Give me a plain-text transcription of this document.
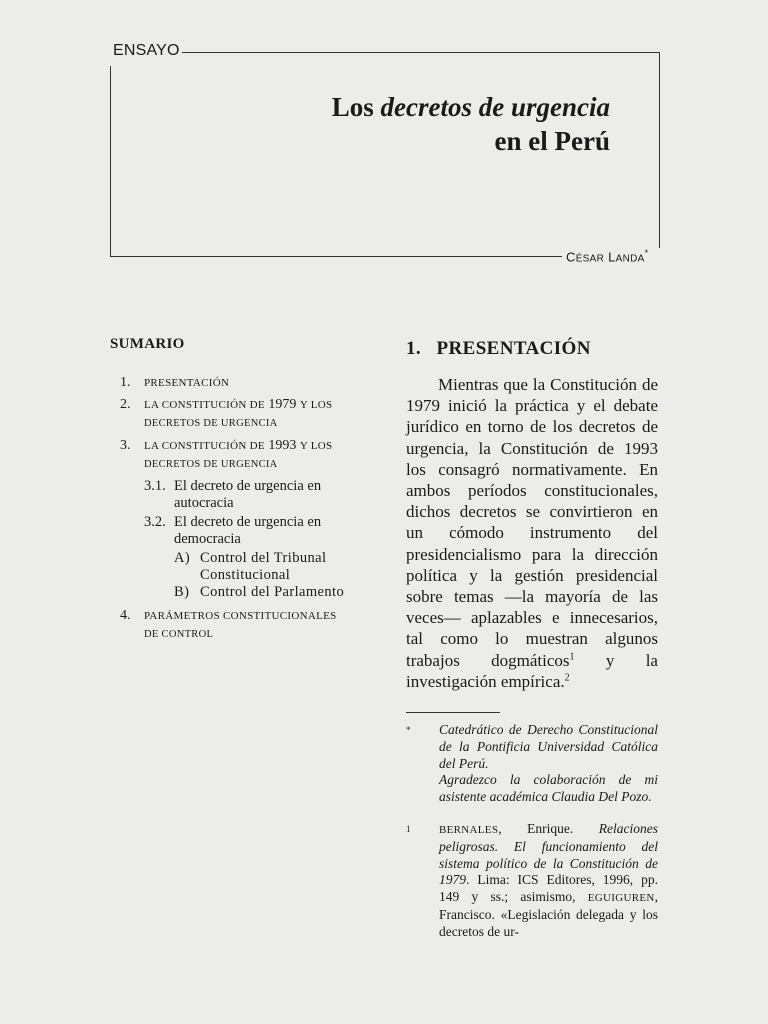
ENSAYO
Los decretos de urgencia
en el Perú
CÉSAR LANDA*
SUMARIO
1.	PRESENTACIÓN
2.	LA CONSTITUCIÓN DE 1979 Y LOS
DECRETOS DE URGENCIA
3.	LA CONSTITUCIÓN DE 1993 Y LOS
DECRETOS DE URGENCIA
3.1. El decreto de urgencia en
autocracia
3.2. El decreto de urgencia en
democracia
A) Control del Tribunal
Constitucional
B) Control del Parlamento
4.	PARÁMETROS CONSTITUCIONALES
DE CONTROL
1.   PRESENTACIÓN
Mientras que la Constitución de 1979 inició la práctica y el debate jurídico en torno de los decretos de urgencia, la Constitución de 1993 los consagró normativamente. En ambos períodos constitucionales, dichos decretos se convirtieron en un cómodo instrumento del presidencialismo para la dirección política y la gestión presidencial sobre temas —la mayoría de las veces— aplazables e innecesarios, tal como lo muestran algunos trabajos dogmáticos$^1$ y la investigación empírica.$^2$
* Catedrático de Derecho Constitucional de la Pontificia Universidad Católica del Perú.
Agradezco la colaboración de mi asistente académica Claudia Del Pozo.
1	BERNALES, Enrique. Relaciones peligrosas. El funcionamiento del sistema político de la Constitución de 1979. Lima: ICS Editores, 1996, pp. 149 y ss.; asimismo, EGUIGUREN, Francisco. «Legislación delegada y los decretos de ur-
